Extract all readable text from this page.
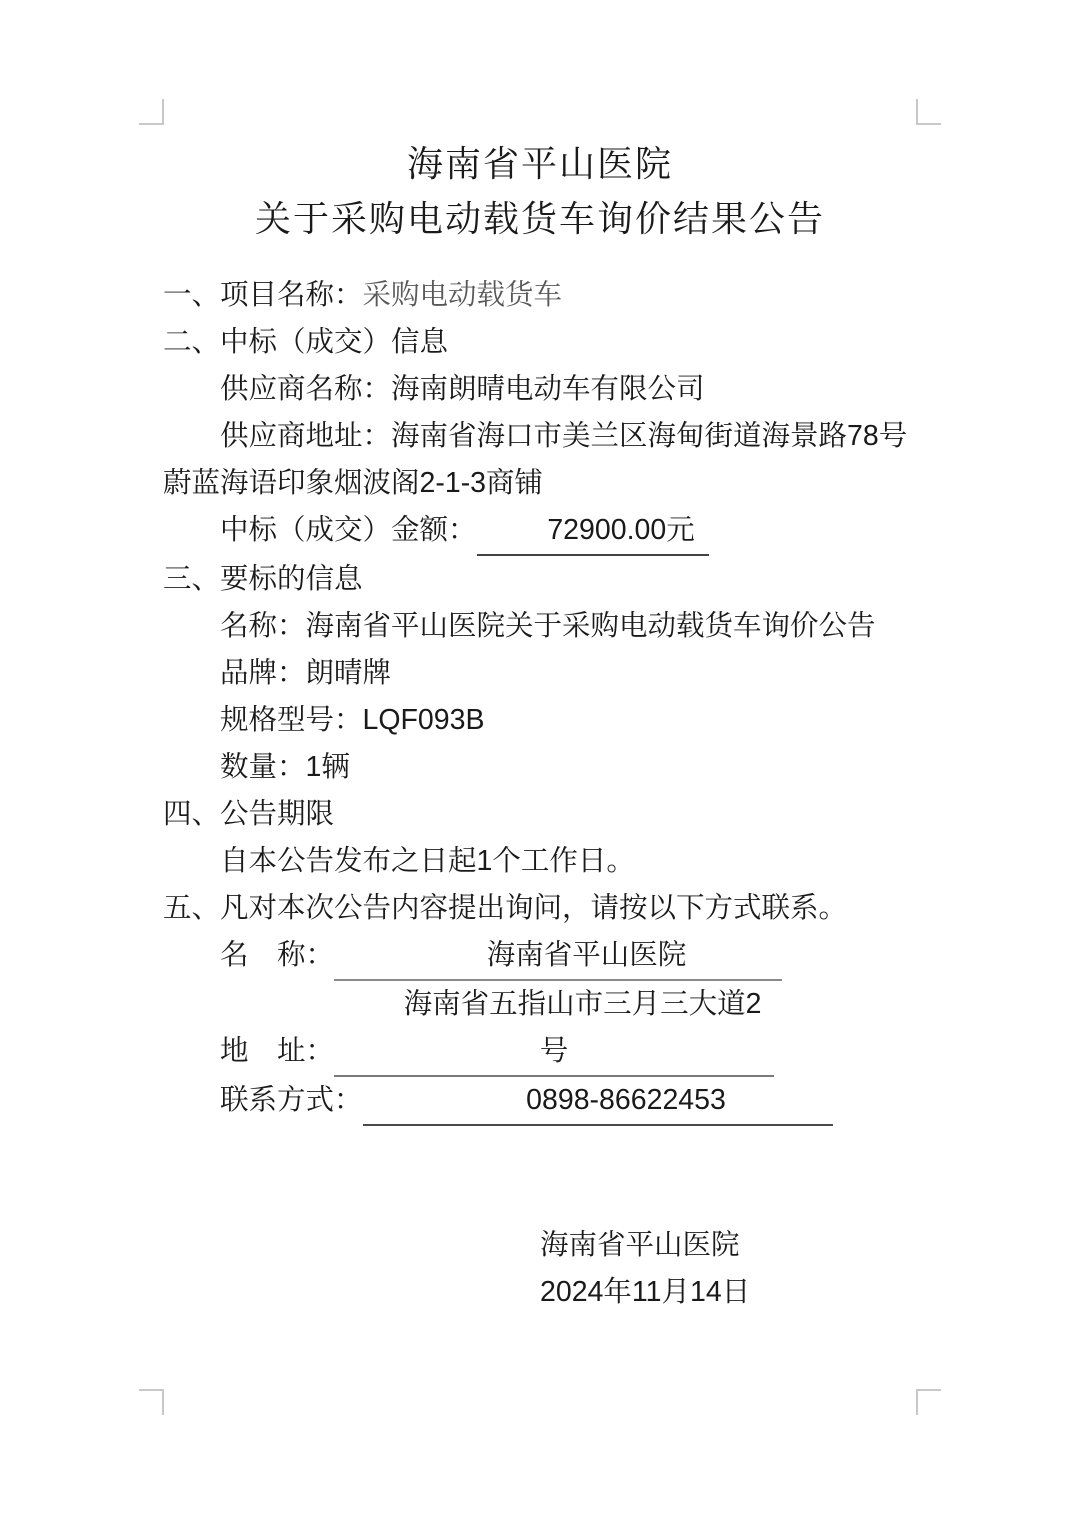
海南省平山医院
关于采购电动载货车询价结果公告

一、项目名称：采购电动载货车

二、中标（成交）信息

供应商名称：海南朗晴电动车有限公司

供应商地址：海南省海口市美兰区海甸街道海景路78号蔚蓝海语印象烟波阁2-1-3商铺

中标（成交）金额： 72900.00元

三、要标的信息

名称：海南省平山医院关于采购电动载货车询价公告

品牌：朗晴牌

规格型号：LQF093B

数量：1辆

四、公告期限

自本公告发布之日起1个工作日。

五、凡对本次公告内容提出询问，请按以下方式联系。

名　称：	海南省平山医院

地　址：海南省五指山市三月三大道2号

联系方式：	0898-86622453

海南省平山医院

2024年11月14日
